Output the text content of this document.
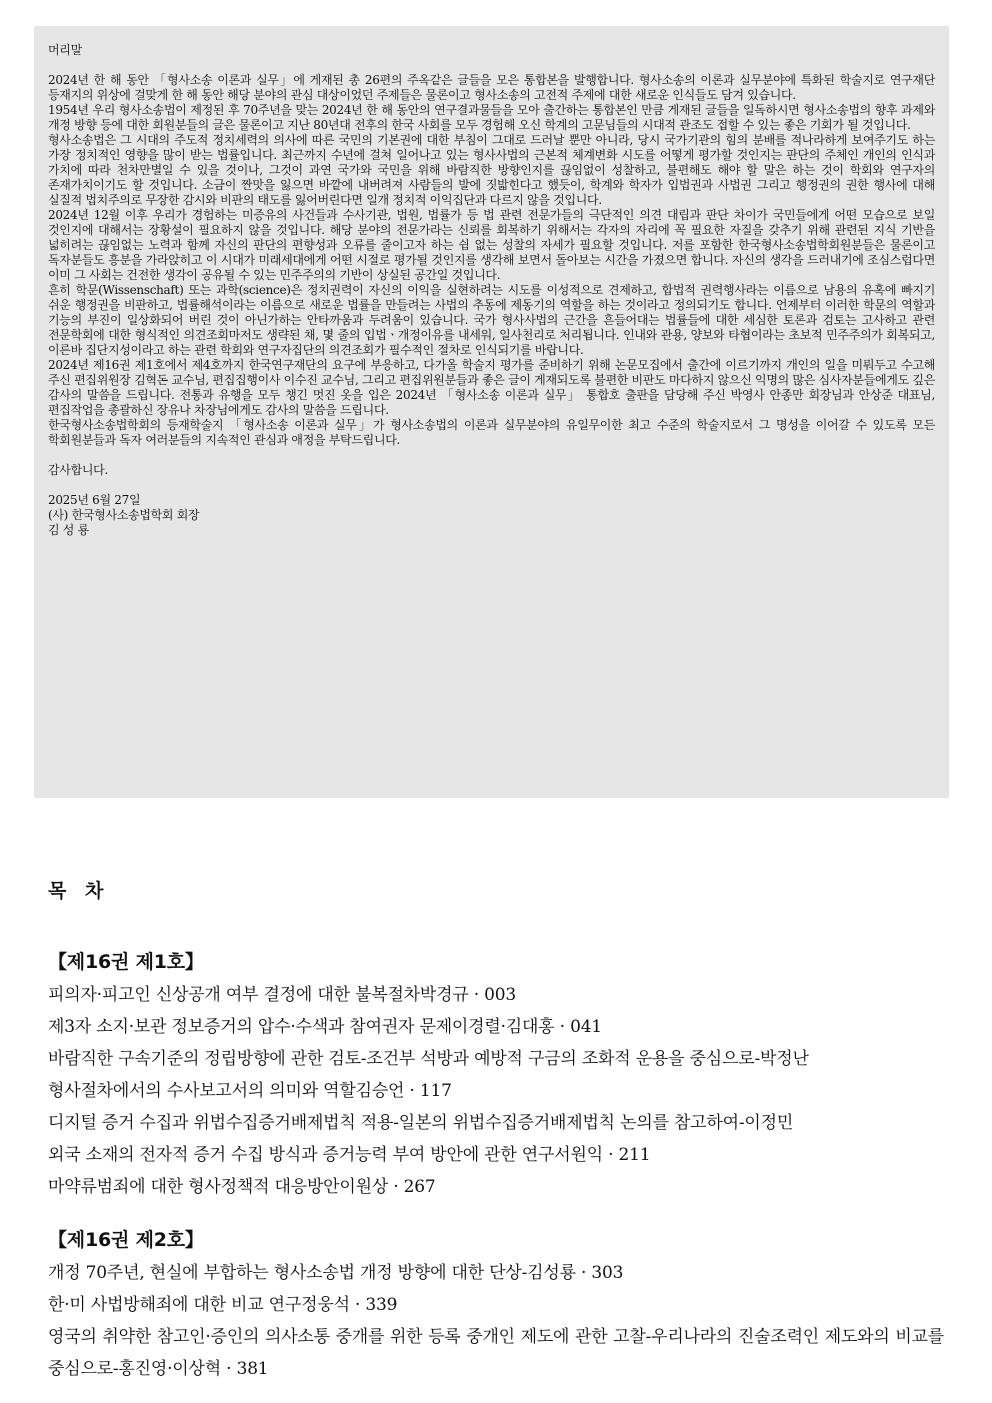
머리말

2024년 한 해 동안 「형사소송 이론과 실무」에 게재된 총 26편의 주옥같은 글들을 모은 통합본을 발행합니다. 형사소송의 이론과 실무분야에 특화된 학술지로 연구재단 등재지의 위상에 걸맞게 한 해 동안 해당 분야의 관심 대상이었던 주제들은 물론이고 형사소송의 고전적 주제에 대한 새로운 인식들도 담겨 있습니다.

1954년 우리 형사소송법이 제정된 후 70주년을 맞는 2024년 한 해 동안의 연구결과물들을 모아 출간하는 통합본인 만큼 게재된 글들을 일독하시면 형사소송법의 향후 과제와 개정 방향 등에 대한 회원분들의 글은 물론이고 지난 80년대 전후의 한국 사회를 모두 경험해 오신 학계의 고문님들의 시대적 관조도 접할 수 있는 좋은 기회가 될 것입니다.

형사소송법은 그 시대의 주도적 정치세력의 의사에 따른 국민의 기본권에 대한 부침이 그대로 드러날 뿐만 아니라, 당시 국가기관의 힘의 분배를 적나라하게 보여주기도 하는 가장 정치적인 영향을 많이 받는 법률입니다. 최근까지 수년에 걸쳐 일어나고 있는 형사사법의 근본적 체계변화 시도를 어떻게 평가할 것인지는 판단의 주체인 개인의 인식과 가치에 따라 천차만별일 수 있을 것이나, 그것이 과연 국가와 국민을 위해 바람직한 방향인지를 끊임없이 성찰하고, 불편해도 해야 할 말은 하는 것이 학회와 연구자의 존재가치이기도 할 것입니다. 소금이 짠맛을 잃으면 바깥에 내버려져 사람들의 발에 짓밟힌다고 했듯이, 학계와 학자가 입법권과 사법권 그리고 행정권의 권한 행사에 대해 실질적 법치주의로 무장한 감시와 비판의 태도를 잃어버린다면 일개 정치적 이익집단과 다르지 않을 것입니다.

2024년 12월 이후 우리가 경험하는 미증유의 사건들과 수사기관, 법원, 법률가 등 법 관련 전문가들의 극단적인 의견 대립과 판단 차이가 국민들에게 어떤 모습으로 보일 것인지에 대해서는 장황설이 필요하지 않을 것입니다. 해당 분야의 전문가라는 신뢰를 회복하기 위해서는 각자의 자리에 꼭 필요한 자질을 갖추기 위해 관련된 지식 기반을 넓히려는 끊임없는 노력과 함께 자신의 판단의 편향성과 오류를 줄이고자 하는 쉼 없는 성찰의 자세가 필요할 것입니다. 저를 포함한 한국형사소송법학회원분들은 물론이고 독자분들도 흥분을 가라앉히고 이 시대가 미래세대에게 어떤 시절로 평가될 것인지를 생각해 보면서 돌아보는 시간을 가졌으면 합니다. 자신의 생각을 드러내기에 조심스럽다면 이미 그 사회는 건전한 생각이 공유될 수 있는 민주주의의 기반이 상실된 공간일 것입니다.

흔히 학문(Wissenschaft) 또는 과학(science)은 정치권력이 자신의 이익을 실현하려는 시도를 이성적으로 견제하고, 합법적 권력행사라는 이름으로 남용의 유혹에 빠지기 쉬운 행정권을 비판하고, 법률해석이라는 이름으로 새로운 법률을 만들려는 사법의 추동에 제동기의 역할을 하는 것이라고 정의되기도 합니다. 언제부터 이러한 학문의 역할과 기능의 부진이 일상화되어 버린 것이 아닌가하는 안타까움과 두려움이 있습니다. 국가 형사사법의 근간을 흔들어대는 법률들에 대한 세심한 토론과 검토는 고사하고 관련 전문학회에 대한 형식적인 의견조회마저도 생략된 채, 몇 줄의 입법ㆍ개정이유를 내세워, 일사천리로 처리됩니다. 인내와 관용, 양보와 타협이라는 초보적 민주주의가 회복되고, 이른바 집단지성이라고 하는 관련 학회와 연구자집단의 의견조회가 필수적인 절차로 인식되기를 바랍니다.

2024년 제16권 제1호에서 제4호까지 한국연구재단의 요구에 부응하고, 다가올 학술지 평가를 준비하기 위해 논문모집에서 출간에 이르기까지 개인의 일을 미뤄두고 수고해 주신 편집위원장 김혁돈 교수님, 편집집행이사 이수진 교수님, 그리고 편집위원분들과 좋은 글이 게재되도록 불편한 비판도 마다하지 않으신 익명의 많은 심사자분들에게도 깊은 감사의 말씀을 드립니다. 전통과 유행을 모두 챙긴 멋진 옷을 입은 2024년 「형사소송 이론과 실무」 통합호 출판을 담당해 주신 박영사 안종만 회장님과 안상준 대표님, 편집작업을 총괄하신 장유나 차장님에게도 감사의 말씀을 드립니다.

한국형사소송법학회의 등재학술지 「형사소송 이론과 실무」가 형사소송법의 이론과 실무분야의 유일무이한 최고 수준의 학술지로서 그 명성을 이어갈 수 있도록 모든 학회원분들과 독자 여러분들의 지속적인 관심과 애정을 부탁드립니다.

감사합니다.

2025년 6월 27일

(사) 한국형사소송법학회 회장

김 성 룡

목 차
【제16권 제1호】

피의자·피고인 신상공개 여부 결정에 대한 불복절차박경규 · 003

제3자 소지·보관 정보증거의 압수·수색과 참여권자 문제이경렬·김대홍 · 041

바람직한 구속기준의 정립방향에 관한 검토-조건부 석방과 예방적 구금의 조화적 운용을 중심으로-박정난

형사절차에서의 수사보고서의 의미와 역할김승언 · 117

디지털 증거 수집과 위법수집증거배제법칙 적용-일본의 위법수집증거배제법칙 논의를 참고하여-이정민

외국 소재의 전자적 증거 수집 방식과 증거능력 부여 방안에 관한 연구서원익 · 211

마약류범죄에 대한 형사정책적 대응방안이원상 · 267

【제16권 제2호】

개정 70주년, 현실에 부합하는 형사소송법 개정 방향에 대한 단상-김성룡 · 303

한·미 사법방해죄에 대한 비교 연구정웅석 · 339

영국의 취약한 참고인·증인의 의사소통 중개를 위한 등록 중개인 제도에 관한 고찰-우리나라의 진술조력인 제도와의 비교를 중심으로-홍진영·이상혁 · 381
